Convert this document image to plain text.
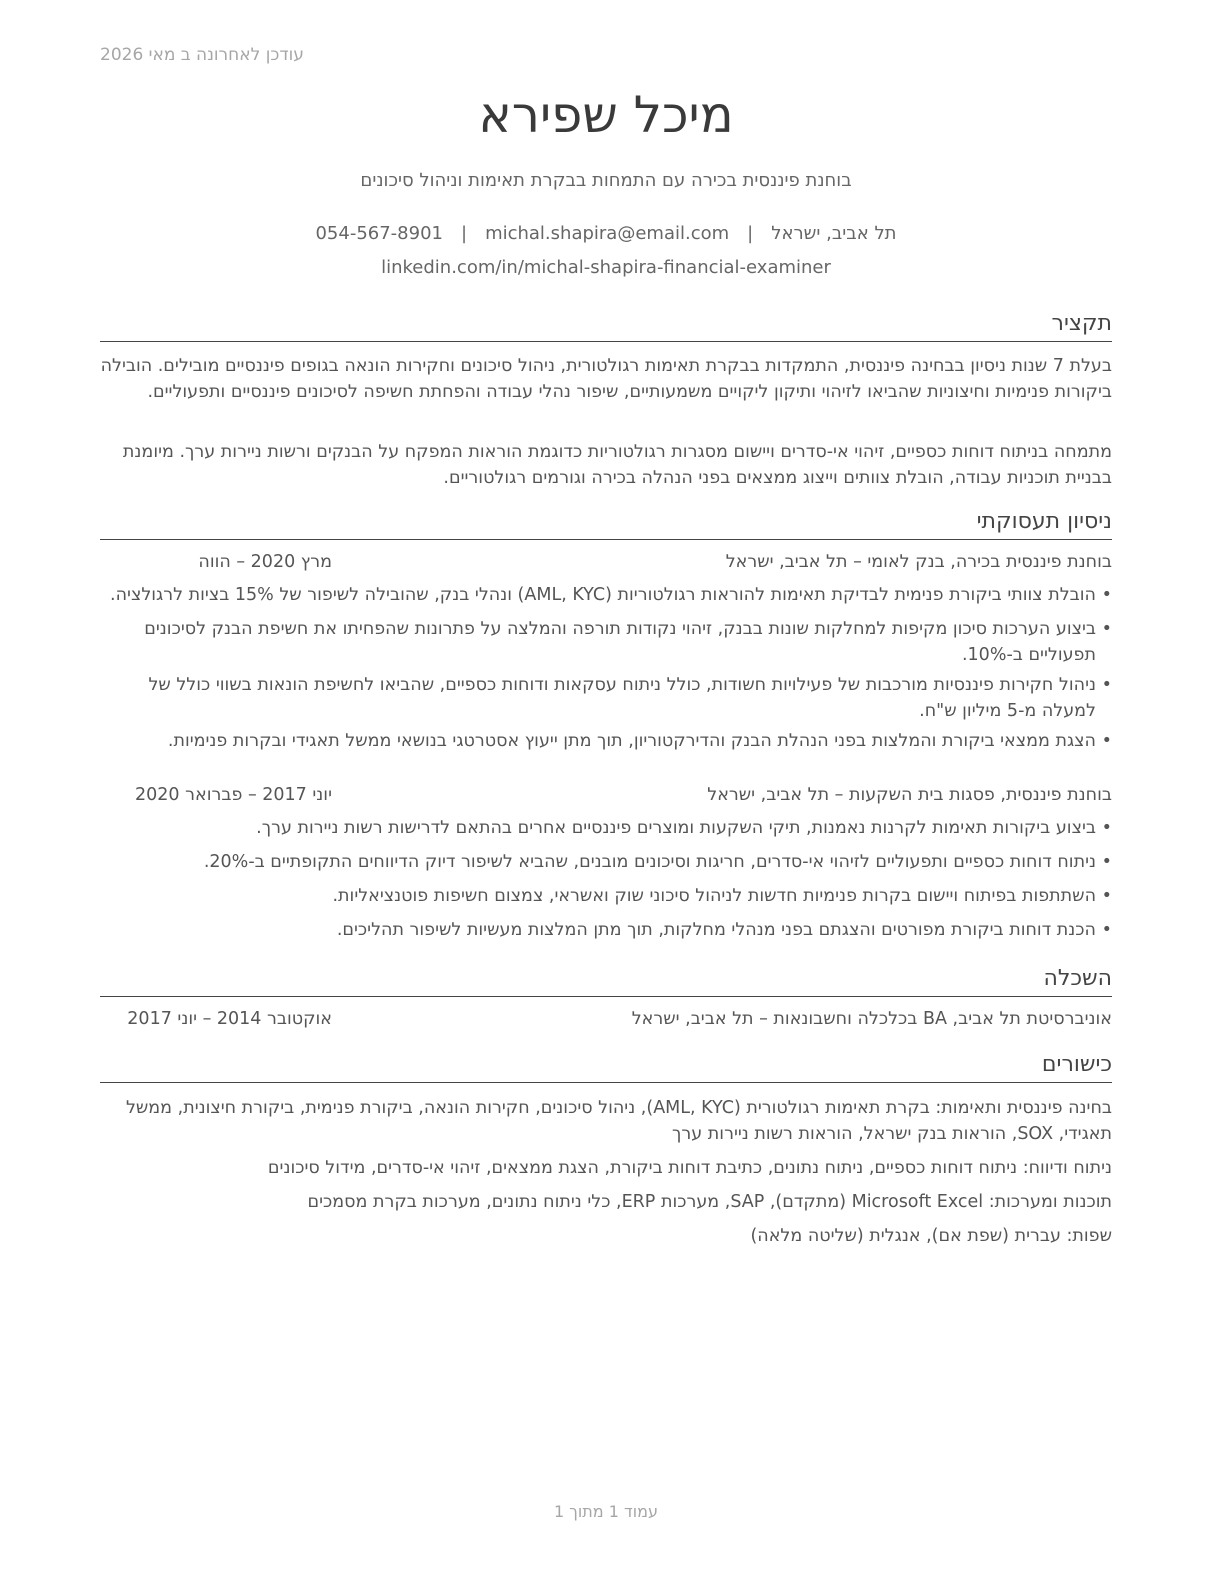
עודכן לאחרונה ב מאי 2026
מיכל שפירא
בוחנת פיננסית בכירה עם התמחות בבקרת תאימות וניהול סיכונים
תל אביב, ישראל|michal.shapira@email.com|054-567-8901
linkedin.com/in/michal-shapira-financial-examiner
תקציר
בעלת 7 שנות ניסיון בבחינה פיננסית, התמקדות בבקרת תאימות רגולטורית, ניהול סיכונים וחקירות הונאה בגופים פיננסיים מובילים. הובילה ביקורות פנימיות וחיצוניות שהביאו לזיהוי ותיקון ליקויים משמעותיים, שיפור נהלי עבודה והפחתת חשיפה לסיכונים פיננסיים ותפעוליים.
מתמחה בניתוח דוחות כספיים, זיהוי אי-סדרים ויישום מסגרות רגולטוריות כדוגמת הוראות המפקח על הבנקים ורשות ניירות ערך. מיומנת בבניית תוכניות עבודה, הובלת צוותים וייצוג ממצאים בפני הנהלה בכירה וגורמים רגולטוריים.
ניסיון תעסוקתי
בוחנת פיננסית בכירה, בנק לאומי – תל אביב, ישראל
מרץ 2020 – הווה
•
הובלת צוותי ביקורת פנימית לבדיקת תאימות להוראות רגולטוריות (AML, KYC) ונהלי בנק, שהובילה לשיפור של 15% בציות לרגולציה.
•
ביצוע הערכות סיכון מקיפות למחלקות שונות בבנק, זיהוי נקודות תורפה והמלצה על פתרונות שהפחיתו את חשיפת הבנק לסיכונים תפעוליים ב-10%.
•
ניהול חקירות פיננסיות מורכבות של פעילויות חשודות, כולל ניתוח עסקאות ודוחות כספיים, שהביאו לחשיפת הונאות בשווי כולל של למעלה מ-5 מיליון ש"ח.
•
הצגת ממצאי ביקורת והמלצות בפני הנהלת הבנק והדירקטוריון, תוך מתן ייעוץ אסטרטגי בנושאי ממשל תאגידי ובקרות פנימיות.
בוחנת פיננסית, פסגות בית השקעות – תל אביב, ישראל
יוני 2017 – פברואר 2020
•
ביצוע ביקורות תאימות לקרנות נאמנות, תיקי השקעות ומוצרים פיננסיים אחרים בהתאם לדרישות רשות ניירות ערך.
•
ניתוח דוחות כספיים ותפעוליים לזיהוי אי-סדרים, חריגות וסיכונים מובנים, שהביא לשיפור דיוק הדיווחים התקופתיים ב-20%.
•
השתתפות בפיתוח ויישום בקרות פנימיות חדשות לניהול סיכוני שוק ואשראי, צמצום חשיפות פוטנציאליות.
•
הכנת דוחות ביקורת מפורטים והצגתם בפני מנהלי מחלקות, תוך מתן המלצות מעשיות לשיפור תהליכים.
השכלה
אוניברסיטת תל אביב, BA בכלכלה וחשבונאות – תל אביב, ישראל
אוקטובר 2014 – יוני 2017
כישורים
בחינה פיננסית ותאימות: בקרת תאימות רגולטורית (AML, KYC), ניהול סיכונים, חקירות הונאה, ביקורת פנימית, ביקורת חיצונית, ממשל תאגידי, SOX, הוראות בנק ישראל, הוראות רשות ניירות ערך
ניתוח ודיווח: ניתוח דוחות כספיים, ניתוח נתונים, כתיבת דוחות ביקורת, הצגת ממצאים, זיהוי אי-סדרים, מידול סיכונים
תוכנות ומערכות: Microsoft Excel (מתקדם), SAP, מערכות ERP, כלי ניתוח נתונים, מערכות בקרת מסמכים
שפות: עברית (שפת אם), אנגלית (שליטה מלאה)
עמוד 1 מתוך 1
